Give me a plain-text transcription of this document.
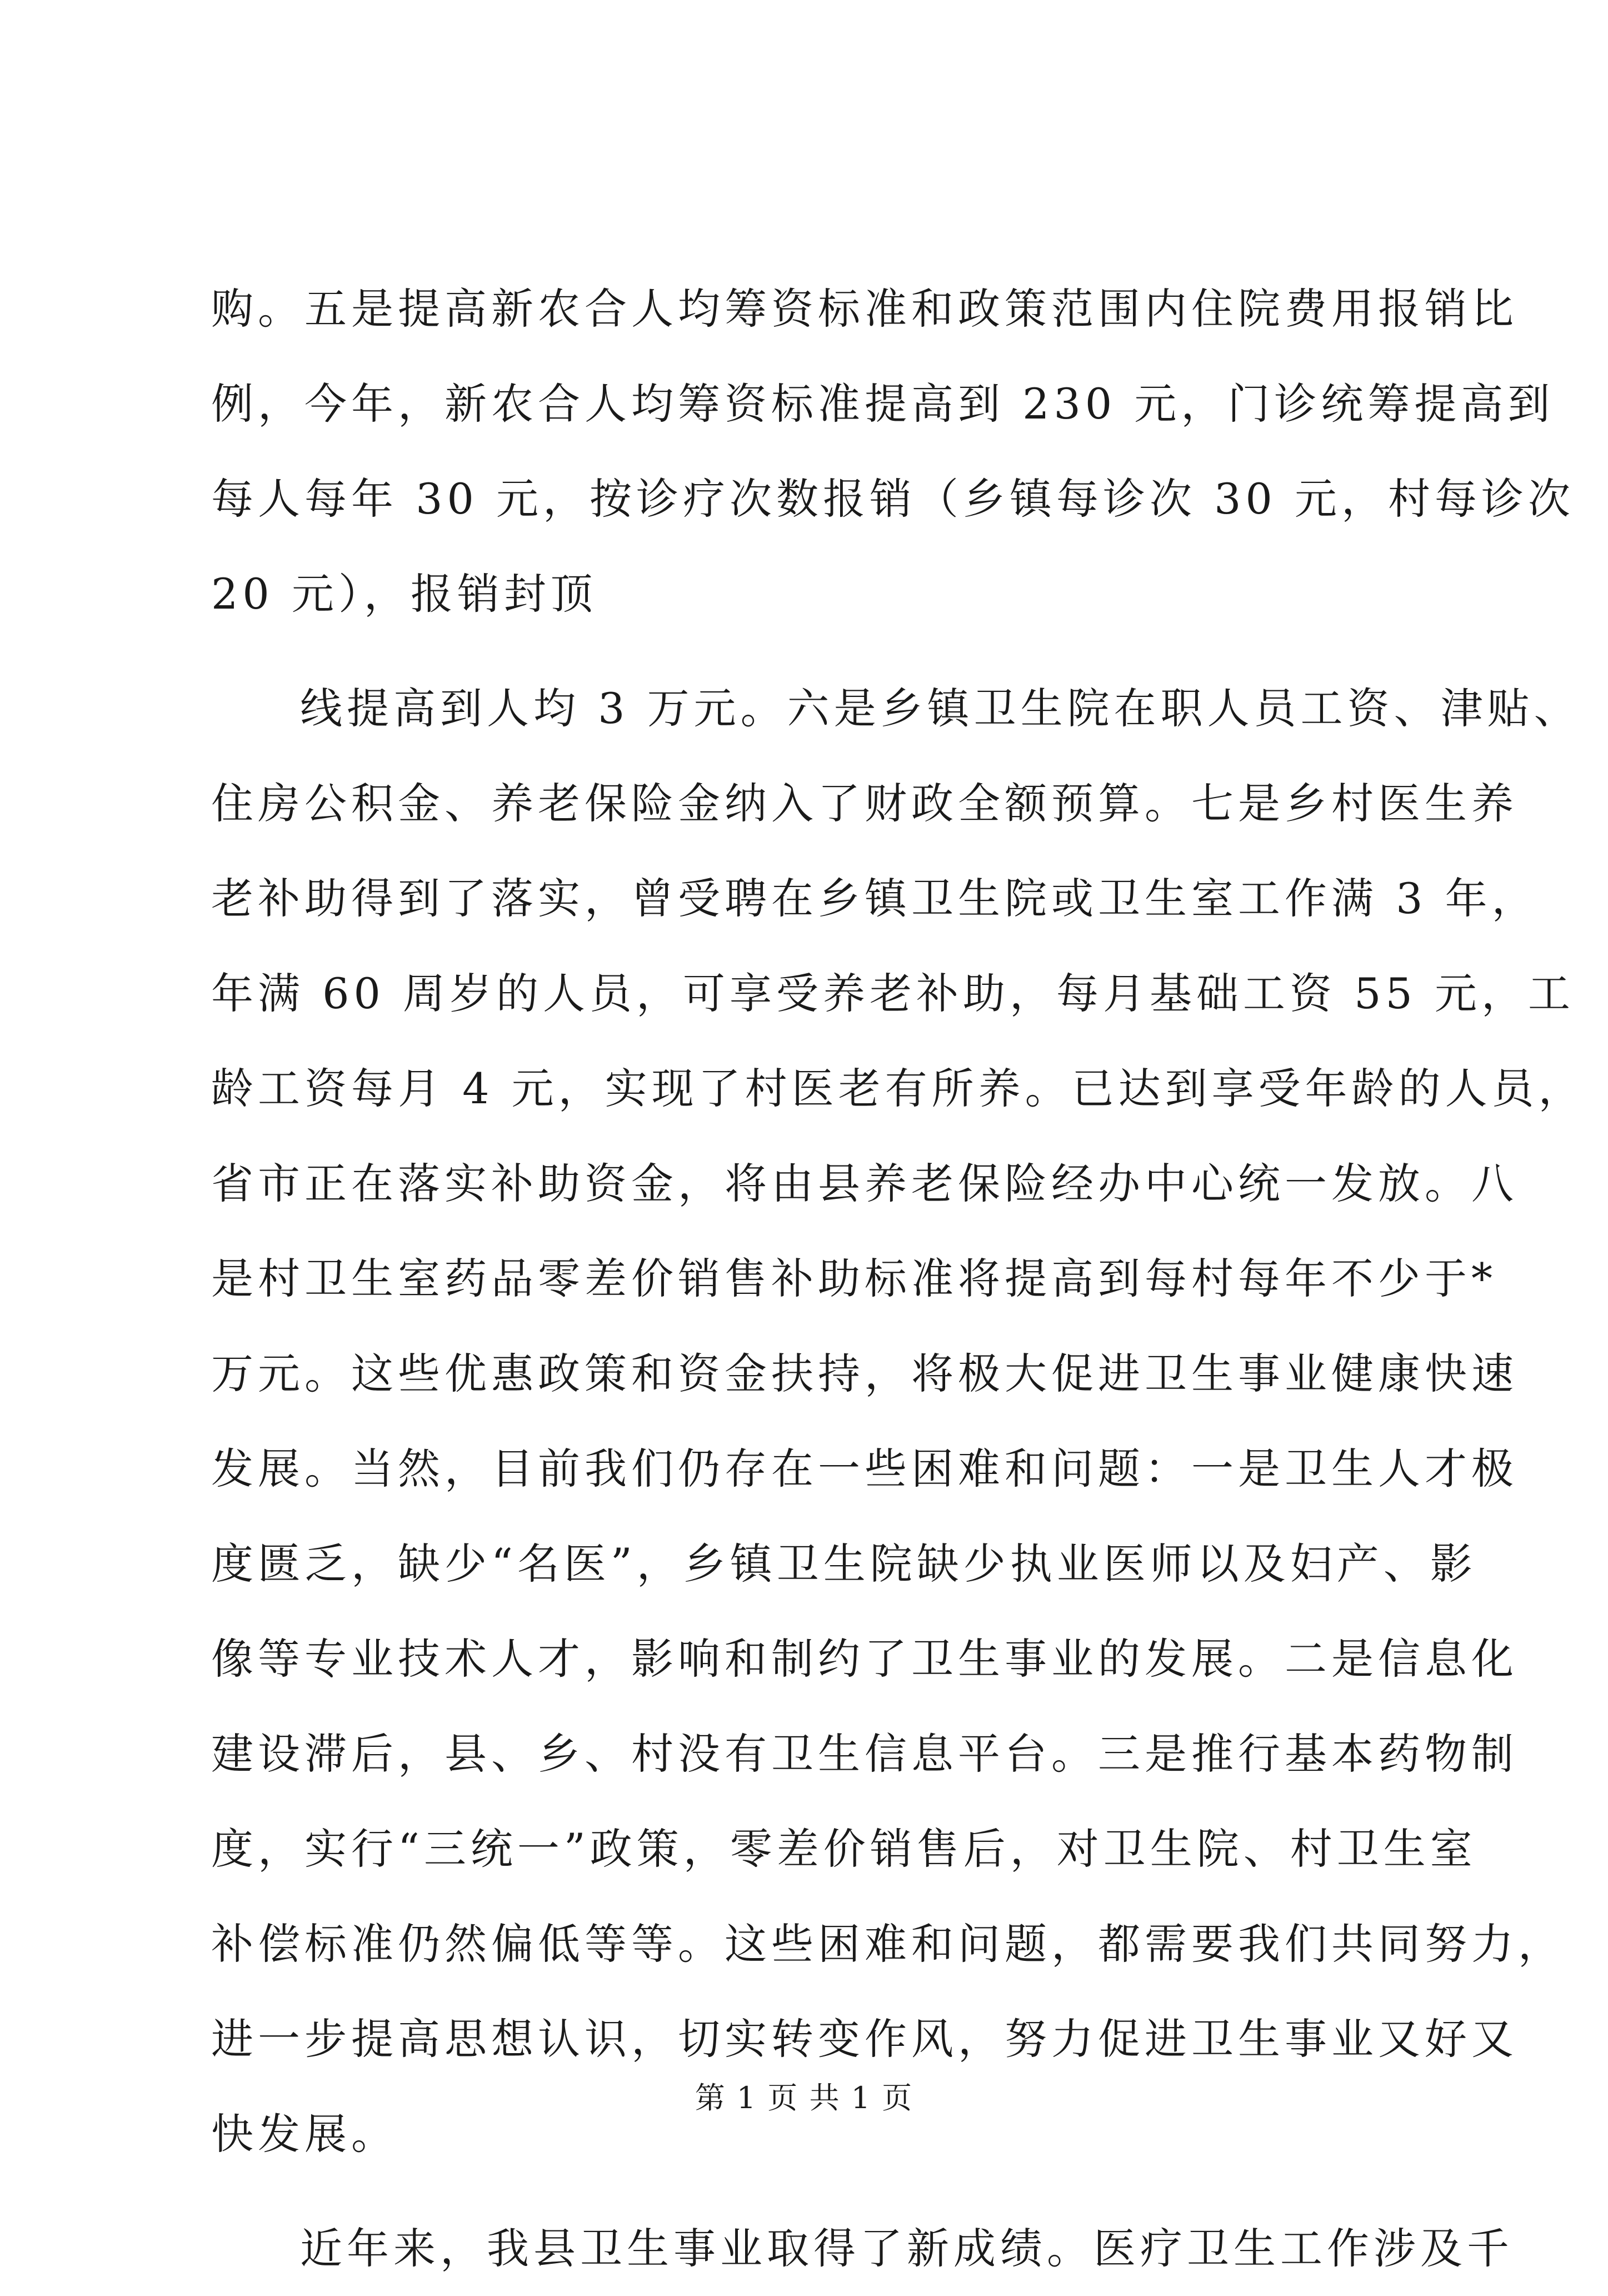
购。五是提高新农合人均筹资标准和政策范围内住院费用报销比
例，今年，新农合人均筹资标准提高到 230 元，门诊统筹提高到
每人每年 30 元，按诊疗次数报销（乡镇每诊次 30 元，村每诊次
20 元），报销封顶
线提高到人均 3 万元。六是乡镇卫生院在职人员工资、津贴、
住房公积金、养老保险金纳入了财政全额预算。七是乡村医生养
老补助得到了落实，曾受聘在乡镇卫生院或卫生室工作满 3 年，
年满 60 周岁的人员，可享受养老补助，每月基础工资 55 元，工
龄工资每月 4 元，实现了村医老有所养。已达到享受年龄的人员，
省市正在落实补助资金，将由县养老保险经办中心统一发放。八
是村卫生室药品零差价销售补助标准将提高到每村每年不少于*
万元。这些优惠政策和资金扶持，将极大促进卫生事业健康快速
发展。当然，目前我们仍存在一些困难和问题：一是卫生人才极
度匮乏，缺少“名医”，乡镇卫生院缺少执业医师以及妇产、影
像等专业技术人才，影响和制约了卫生事业的发展。二是信息化
建设滞后，县、乡、村没有卫生信息平台。三是推行基本药物制
度，实行“三统一”政策，零差价销售后，对卫生院、村卫生室
补偿标准仍然偏低等等。这些困难和问题，都需要我们共同努力，
进一步提高思想认识，切实转变作风，努力促进卫生事业又好又
快发展。
近年来，我县卫生事业取得了新成绩。医疗卫生工作涉及千
第 1 页 共 1 页
